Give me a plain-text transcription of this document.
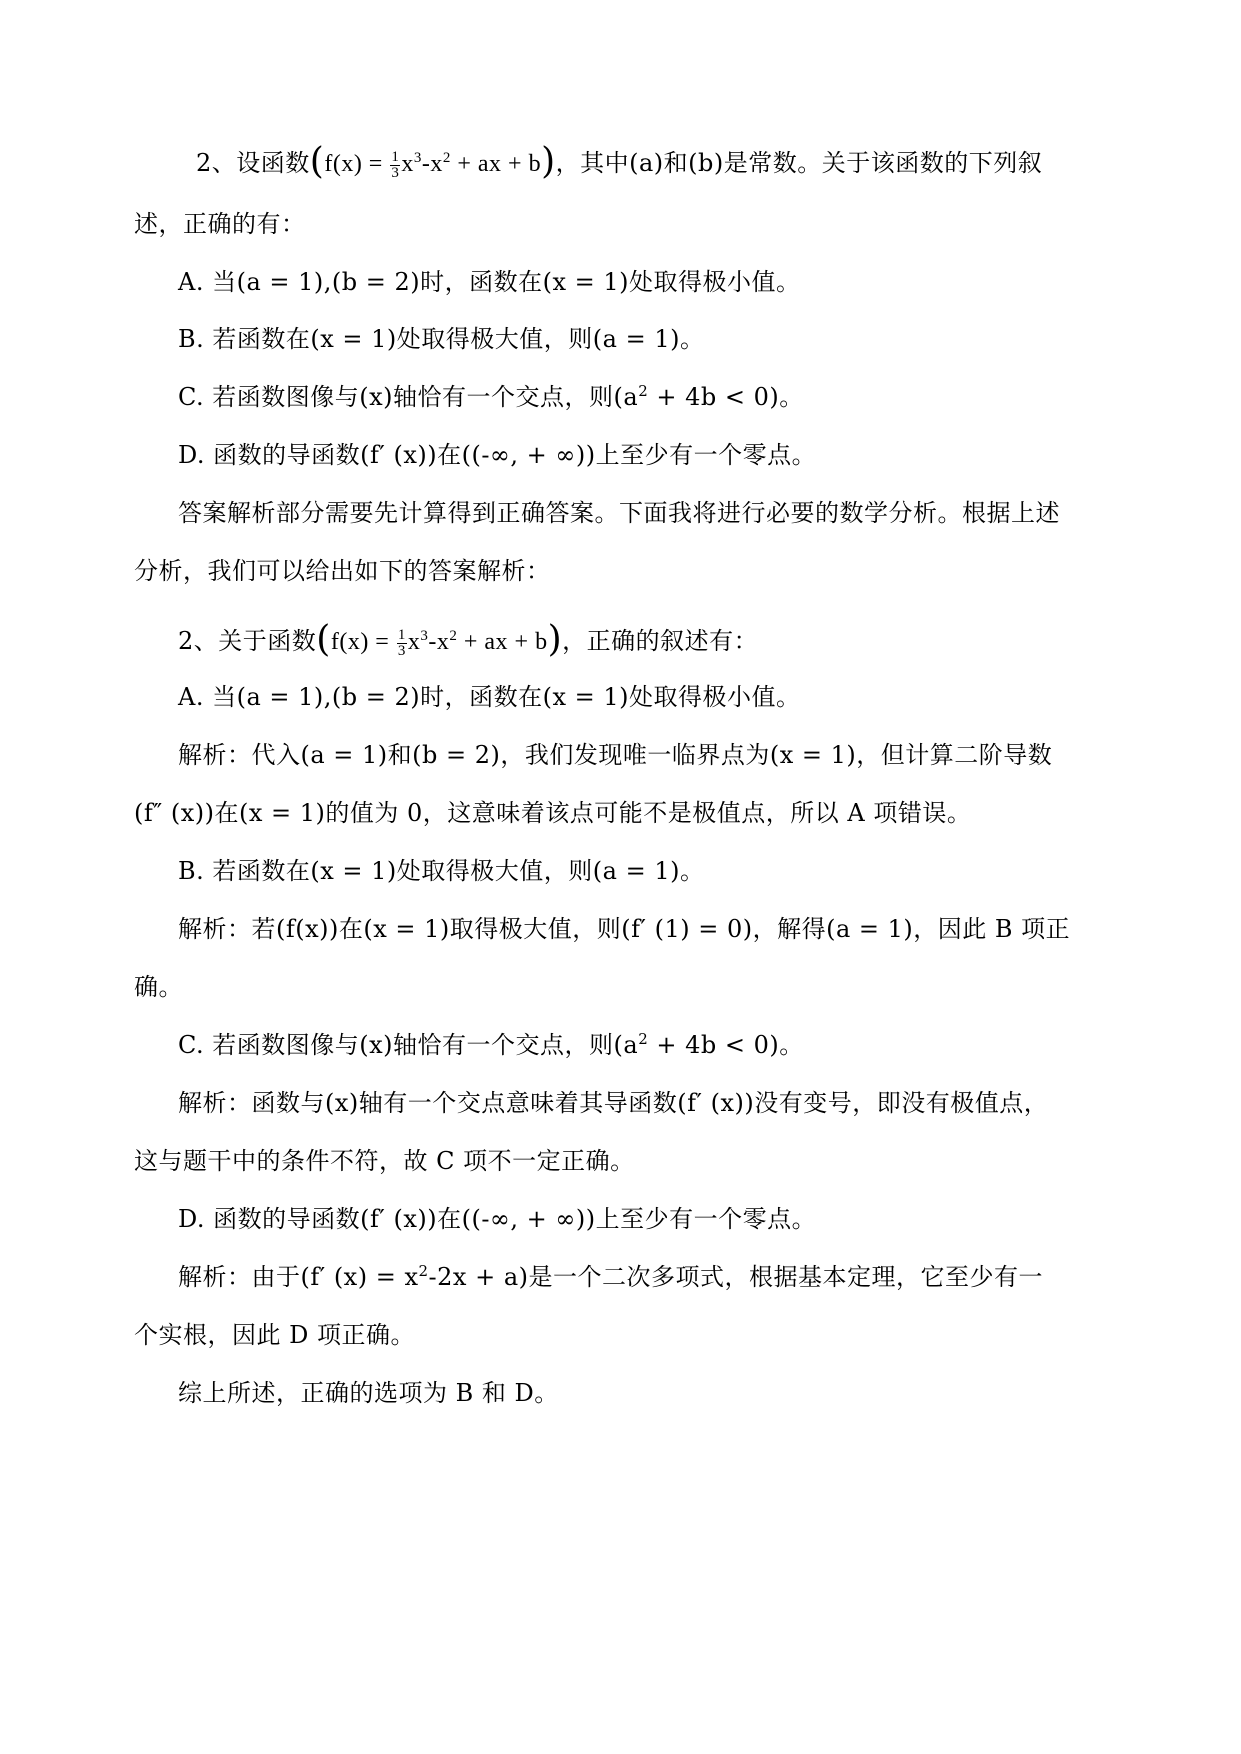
2、设函数($f(x) = \frac{1}{3} x^3-x^2$ + ax + b)，其中(a)和(b)是常数。关于该函数的下列叙
述，正确的有：
A. 当(a = 1),(b = 2)时，函数在(x = 1)处取得极小值。
B. 若函数在(x = 1)处取得极大值，则(a = 1)。
C. 若函数图像与(x)轴恰有一个交点，则$(a^2 + 4b < 0)$。
D. 函数的导函数(f′ (x))在((-∞, + ∞))上至少有一个零点。
答案解析部分需要先计算得到正确答案。下面我将进行必要的数学分析。根据上述
分析，我们可以给出如下的答案解析：
2、关于函数($f(x) = \frac{1}{3} x^3-x^2$ + ax + b)，正确的叙述有：
A. 当(a = 1),(b = 2)时，函数在(x = 1)处取得极小值。
解析：代入(a = 1)和(b = 2)，我们发现唯一临界点为(x = 1)，但计算二阶导数
(f″ (x))在(x = 1)的值为 0，这意味着该点可能不是极值点，所以 A 项错误。
B. 若函数在(x = 1)处取得极大值，则(a = 1)。
解析：若(f(x))在(x = 1)取得极大值，则(f′ (1) = 0)，解得(a = 1)，因此 B 项正
确。
C. 若函数图像与(x)轴恰有一个交点，则$(a^2 + 4b < 0)$。
解析：函数与(x)轴有一个交点意味着其导函数(f′ (x))没有变号，即没有极值点，
这与题干中的条件不符，故 C 项不一定正确。
D. 函数的导函数(f′ (x))在((-∞, + ∞))上至少有一个零点。
解析：由于(f′ $(x) = x^2-2x + a$)是一个二次多项式，根据基本定理，它至少有一
个实根，因此 D 项正确。
综上所述，正确的选项为 B 和 D。
